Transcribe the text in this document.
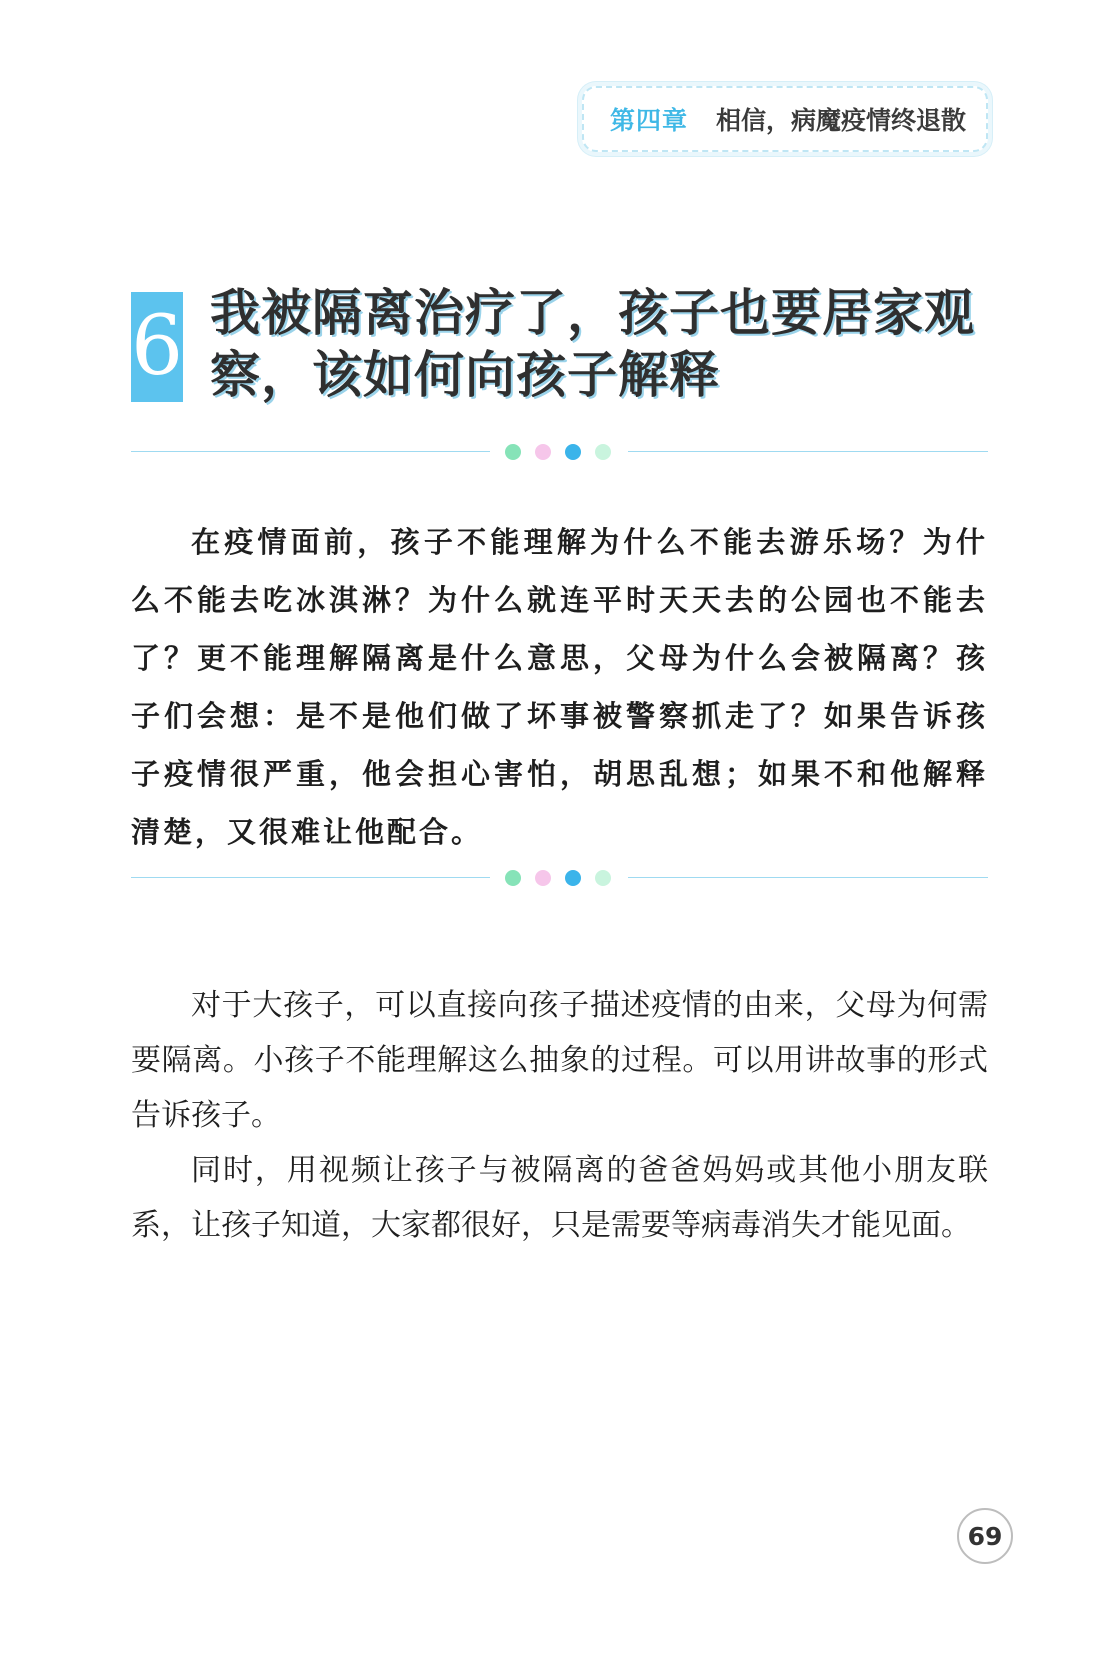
第四章 相信，病魔疫情终退散
6 我被隔离治疗了，孩子也要居家观察，该如何向孩子解释

在疫情面前，孩子不能理解为什么不能去游乐场？为什么不能去吃冰淇淋？为什么就连平时天天去的公园也不能去了？更不能理解隔离是什么意思，父母为什么会被隔离？孩子们会想：是不是他们做了坏事被警察抓走了？如果告诉孩子疫情很严重，他会担心害怕，胡思乱想；如果不和他解释清楚，又很难让他配合。

对于大孩子，可以直接向孩子描述疫情的由来，父母为何需要隔离。小孩子不能理解这么抽象的过程。可以用讲故事的形式告诉孩子。

同时，用视频让孩子与被隔离的爸爸妈妈或其他小朋友联系，让孩子知道，大家都很好，只是需要等病毒消失才能见面。

69
